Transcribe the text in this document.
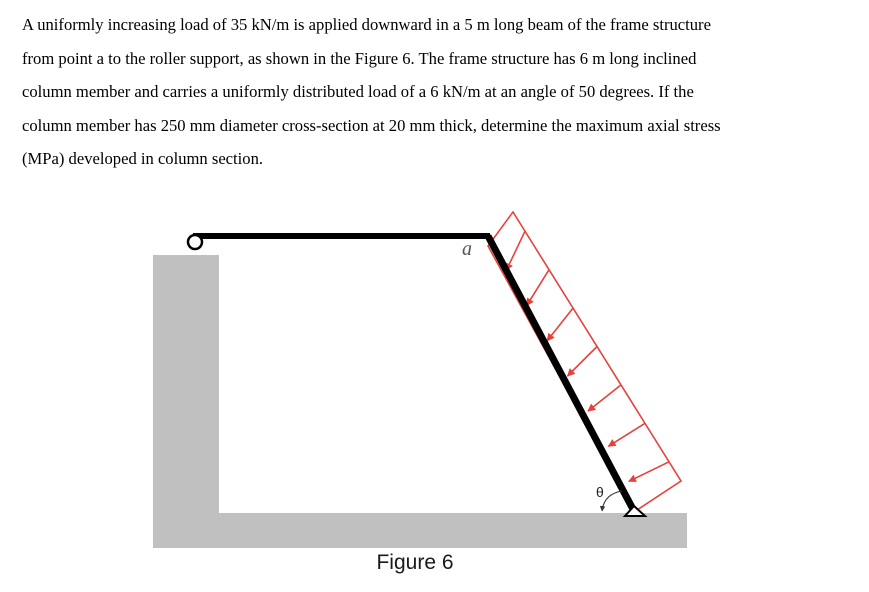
A uniformly increasing load of 35 kN/m is applied downward in a 5 m long beam of the frame structure
from point a to the roller support, as shown in the Figure 6. The frame structure has 6 m long inclined
column member and carries a uniformly distributed load of a 6 kN/m at an angle of 50 degrees. If the
column member has 250 mm diameter cross-section at 20 mm thick, determine the maximum axial stress
(MPa) developed in column section.
a
θ
Figure 6
